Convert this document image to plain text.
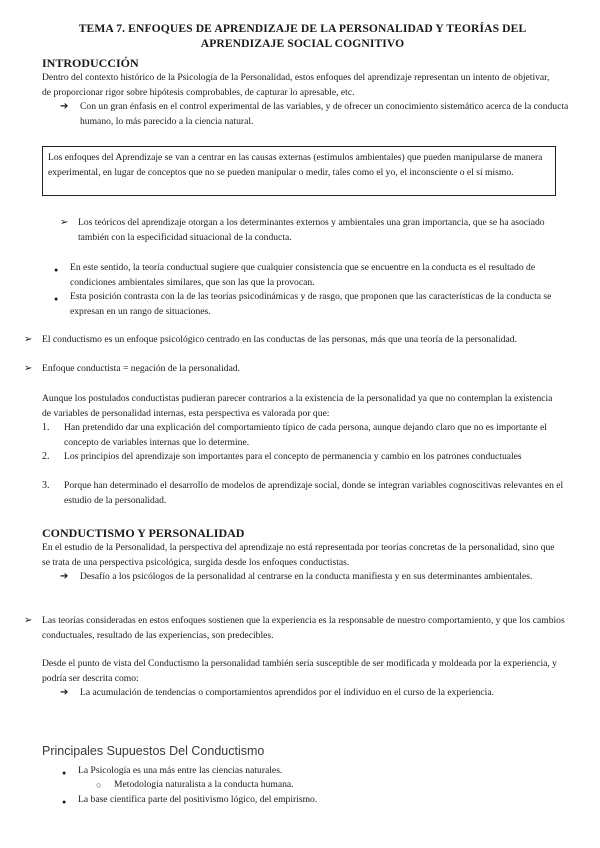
TEMA 7. ENFOQUES DE APRENDIZAJE DE LA PERSONALIDAD Y TEORÍAS DEL APRENDIZAJE SOCIAL COGNITIVO
INTRODUCCIÓN
Dentro del contexto histórico de la Psicología de la Personalidad, estos enfoques del aprendizaje representan un intento de objetivar, de proporcionar rigor sobre hipótesis comprobables, de capturar lo apresable, etc.
➔ Con un gran énfasis en el control experimental de las variables, y de ofrecer un conocimiento sistemático acerca de la conducta humano, lo más parecido a la ciencia natural.
Los enfoques del Aprendizaje se van a centrar en las causas externas (estímulos ambientales) que pueden manipularse de manera experimental, en lugar de conceptos que no se pueden manipular o medir, tales como el yo, el inconsciente o el sí mismo.
➢ Los teóricos del aprendizaje otorgan a los determinantes externos y ambientales una gran importancia, que se ha asociado también con la especificidad situacional de la conducta.
● En este sentido, la teoría conductual sugiere que cualquier consistencia que se encuentre en la conducta es el resultado de condiciones ambientales similares, que son las que la provocan.
● Esta posición contrasta con la de las teorías psicodinámicas y de rasgo, que proponen que las características de la conducta se expresan en un rango de situaciones.
➢ El conductismo es un enfoque psicológico centrado en las conductas de las personas, más que una teoría de la personalidad.
➢ Enfoque conductista = negación de la personalidad.
Aunque los postulados conductistas pudieran parecer contrarios a la existencia de la personalidad ya que no contemplan la existencia de variables de personalidad internas, esta perspectiva es valorada por que:
1. Han pretendido dar una explicación del comportamiento típico de cada persona, aunque dejando claro que no es importante el concepto de variables internas que lo determine.
2. Los principios del aprendizaje son importantes para el concepto de permanencia y cambio en los patrones conductuales
3. Porque han determinado el desarrollo de modelos de aprendizaje social, donde se integran variables cognoscitivas relevantes en el estudio de la personalidad.
CONDUCTISMO Y PERSONALIDAD
En el estudio de la Personalidad, la perspectiva del aprendizaje no está representada por teorías concretas de la personalidad, sino que se trata de una perspectiva psicológica, surgida desde los enfoques conductistas.
➔ Desafío a los psicólogos de la personalidad al centrarse en la conducta manifiesta y en sus determinantes ambientales.
➢ Las teorías consideradas en estos enfoques sostienen que la experiencia es la responsable de nuestro comportamiento, y que los cambios conductuales, resultado de las experiencias, son predecibles.
Desde el punto de vista del Conductismo la personalidad también sería susceptible de ser modificada y moldeada por la experiencia, y podría ser descrita como:
➔ La acumulación de tendencias o comportamientos aprendidos por el individuo en el curso de la experiencia.
Principales Supuestos Del Conductismo
● La Psicología es una más entre las ciencias naturales.
○ Metodología naturalista a la conducta humana.
● La base científica parte del positivismo lógico, del empirismo.
